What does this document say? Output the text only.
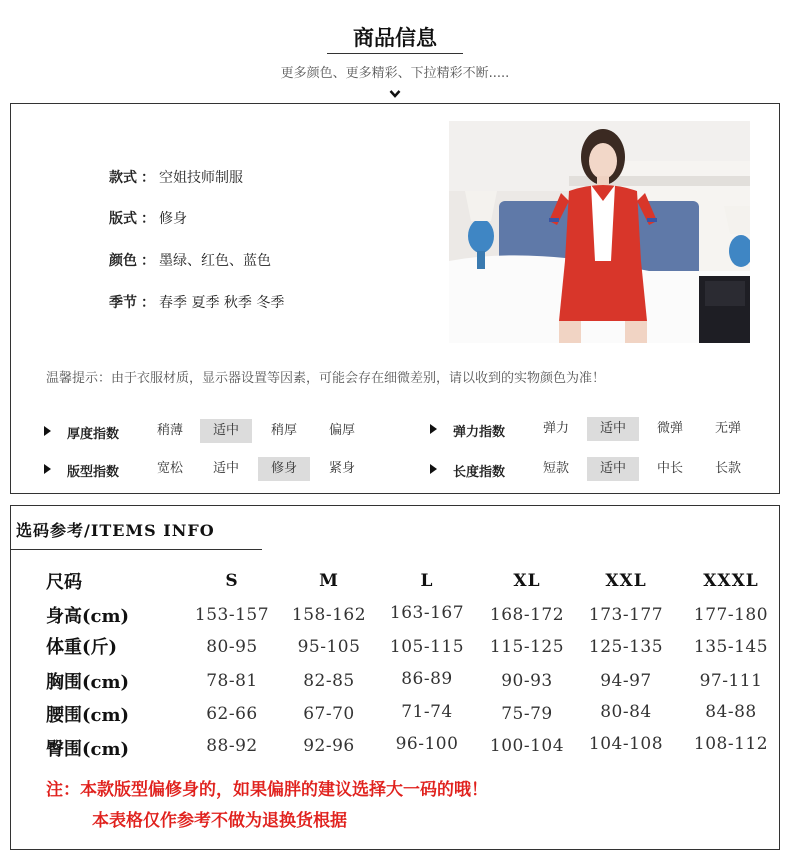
商品信息
更多颜色、更多精彩、下拉精彩不断.....
款式 ： 空姐技师制服
版式 ： 修身
颜色 ： 墨绿、红色、蓝色
季节 ： 春季 夏季 秋季 冬季
温馨提示：由于衣服材质，显示器设置等因素，可能会存在细微差别，请以收到的实物颜色为准！
厚度指数	稍薄	适中	稍厚	偏厚	弹力指数	弹力	适中	微弹	无弹
版型指数	宽松	适中	修身	紧身	长度指数	短款	适中	中长	长款
选码参考/ITEMS INFO
尺码	S	M	L	XL	XXL	XXXL
身高(cm)	153-157	158-162	163-167	168-172	173-177	177-180
体重(斤)	80-95	95-105	105-115	115-125	125-135	135-145
胸围(cm)	78-81	82-85	86-89	90-93	94-97	97-111
腰围(cm)	62-66	67-70	71-74	75-79	80-84	84-88
臀围(cm)	88-92	92-96	96-100	100-104	104-108	108-112
注：本款版型偏修身的，如果偏胖的建议选择大一码的哦！
本表格仅作参考不做为退换货根据
